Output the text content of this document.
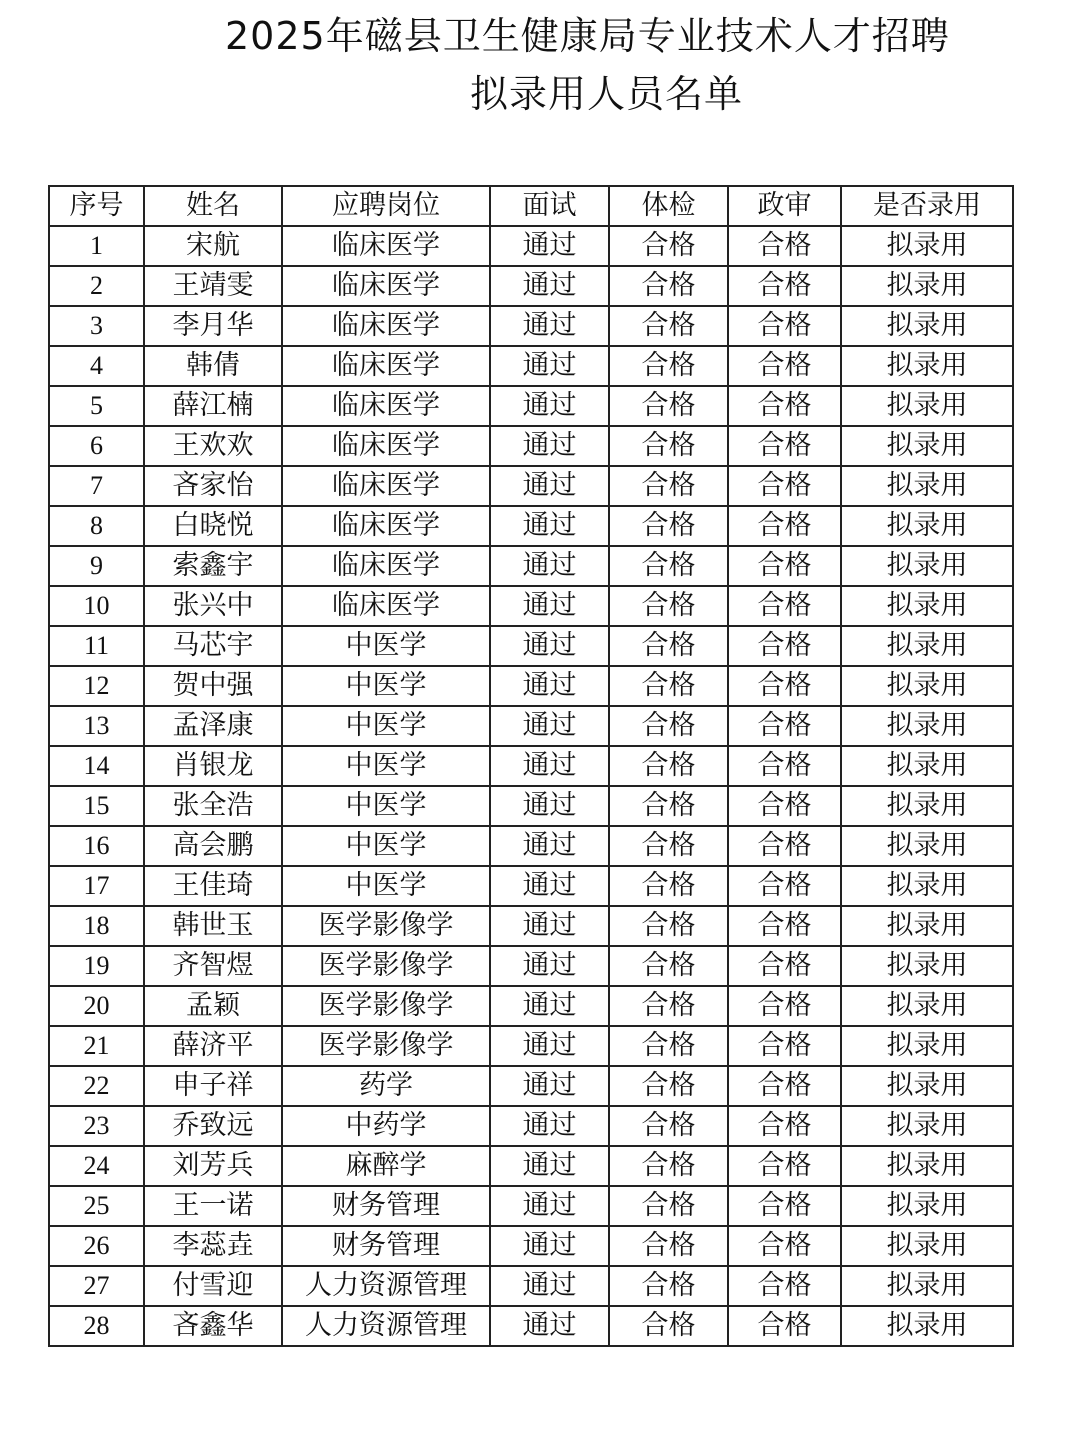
2025年磁县卫生健康局专业技术人才招聘
拟录用人员名单
序号	姓名	应聘岗位	面试	体检	政审	是否录用
1	宋航	临床医学	通过	合格	合格	拟录用
2	王靖雯	临床医学	通过	合格	合格	拟录用
3	李月华	临床医学	通过	合格	合格	拟录用
4	韩倩	临床医学	通过	合格	合格	拟录用
5	薛江楠	临床医学	通过	合格	合格	拟录用
6	王欢欢	临床医学	通过	合格	合格	拟录用
7	吝家怡	临床医学	通过	合格	合格	拟录用
8	白晓悦	临床医学	通过	合格	合格	拟录用
9	索鑫宇	临床医学	通过	合格	合格	拟录用
10	张兴中	临床医学	通过	合格	合格	拟录用
11	马芯宇	中医学	通过	合格	合格	拟录用
12	贺中强	中医学	通过	合格	合格	拟录用
13	孟泽康	中医学	通过	合格	合格	拟录用
14	肖银龙	中医学	通过	合格	合格	拟录用
15	张全浩	中医学	通过	合格	合格	拟录用
16	高会鹏	中医学	通过	合格	合格	拟录用
17	王佳琦	中医学	通过	合格	合格	拟录用
18	韩世玉	医学影像学	通过	合格	合格	拟录用
19	齐智煜	医学影像学	通过	合格	合格	拟录用
20	孟颖	医学影像学	通过	合格	合格	拟录用
21	薛济平	医学影像学	通过	合格	合格	拟录用
22	申子祥	药学	通过	合格	合格	拟录用
23	乔致远	中药学	通过	合格	合格	拟录用
24	刘芳兵	麻醉学	通过	合格	合格	拟录用
25	王一诺	财务管理	通过	合格	合格	拟录用
26	李蕊垚	财务管理	通过	合格	合格	拟录用
27	付雪迎	人力资源管理	通过	合格	合格	拟录用
28	吝鑫华	人力资源管理	通过	合格	合格	拟录用
